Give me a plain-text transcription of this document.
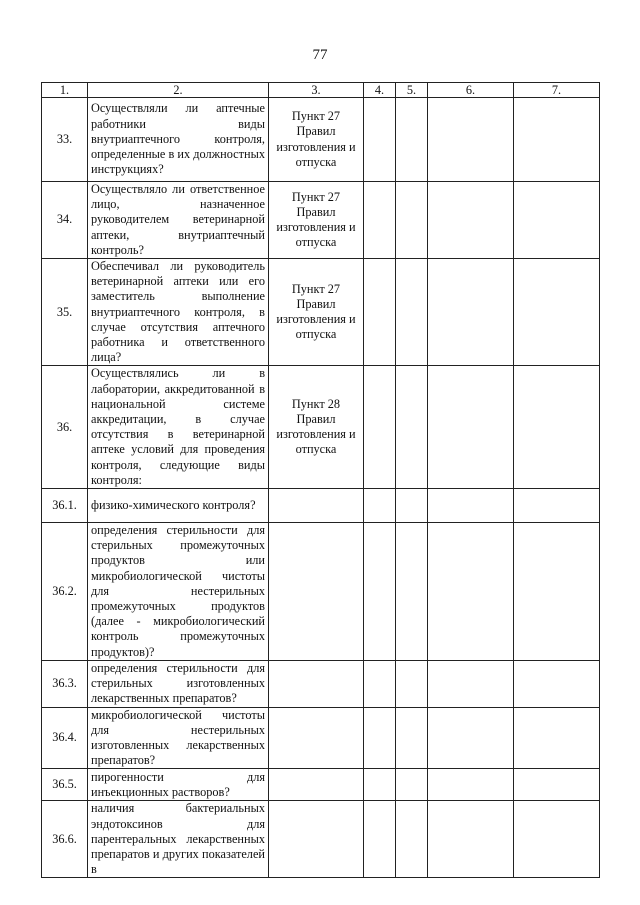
77
1.	2.	3.	4.	5.	6.	7.
33.	Осуществляли ли аптечные работники виды внутриаптечного контроля, определенные в их должностных инструкциях?	Пункт 27 Правил изготовления и отпуска				
34.	Осуществляло ли ответственное лицо, назначенное руководителем ветеринарной аптеки, внутриаптечный контроль?	Пункт 27 Правил изготовления и отпуска				
35.	Обеспечивал ли руководитель ветеринарной аптеки или его заместитель выполнение внутриаптечного контроля, в случае отсутствия аптечного работника и ответственного лица?	Пункт 27 Правил изготовления и отпуска				
36.	Осуществлялись ли в лаборатории, аккредитованной в национальной системе аккредитации, в случае отсутствия в ветеринарной аптеке условий для проведения контроля, следующие виды контроля:	Пункт 28 Правил изготовления и отпуска				
36.1.	физико-химического контроля?					
36.2.	определения стерильности для стерильных промежуточных продуктов или микробиологической чистоты для нестерильных промежуточных продуктов (далее - микробиологический контроль промежуточных продуктов)?					
36.3.	определения стерильности для стерильных изготовленных лекарственных препаратов?					
36.4.	микробиологической чистоты для нестерильных изготовленных лекарственных препаратов?					
36.5.	пирогенности для инъекционных растворов?					
36.6.	наличия бактериальных эндотоксинов для парентеральных лекарственных препаратов и других показателей в					
